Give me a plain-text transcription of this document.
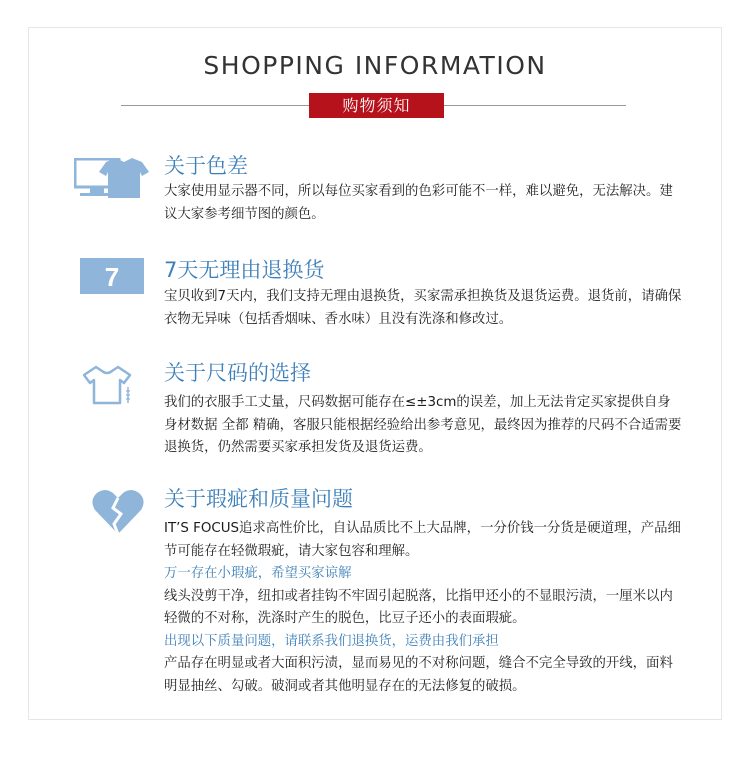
SHOPPING INFORMATION
购物须知
关于色差

大家使用显示器不同，所以每位买家看到的色彩可能不一样，难以避免，无法解决。建议大家参考细节图的颜色。

7 7天无理由退换货

宝贝收到7天内，我们支持无理由退换货，买家需承担换货及退货运费。退货前，请确保衣物无异味（包括香烟味、香水味）且没有洗涤和修改过。

关于尺码的选择

我们的衣服手工丈量，尺码数据可能存在≤±3cm的误差，加上无法肯定买家提供自身身材数据 全都 精确，客服只能根据经验给出参考意见，最终因为推荐的尺码不合适需要退换货，仍然需要买家承担发货及退货运费。

关于瑕疵和质量问题

IT’S FOCUS追求高性价比，自认品质比不上大品牌，一分价钱一分货是硬道理，产品细节可能存在轻微瑕疵，请大家包容和理解。

万一存在小瑕疵，希望买家谅解

线头没剪干净，纽扣或者挂钩不牢固引起脱落，比指甲还小的不显眼污渍，一厘米以内轻微的不对称，洗涤时产生的脱色，比豆子还小的表面瑕疵。

出现以下质量问题，请联系我们退换货，运费由我们承担

产品存在明显或者大面积污渍，显而易见的不对称问题，缝合不完全导致的开线，面料明显抽丝、勾破。破洞或者其他明显存在的无法修复的破损。
